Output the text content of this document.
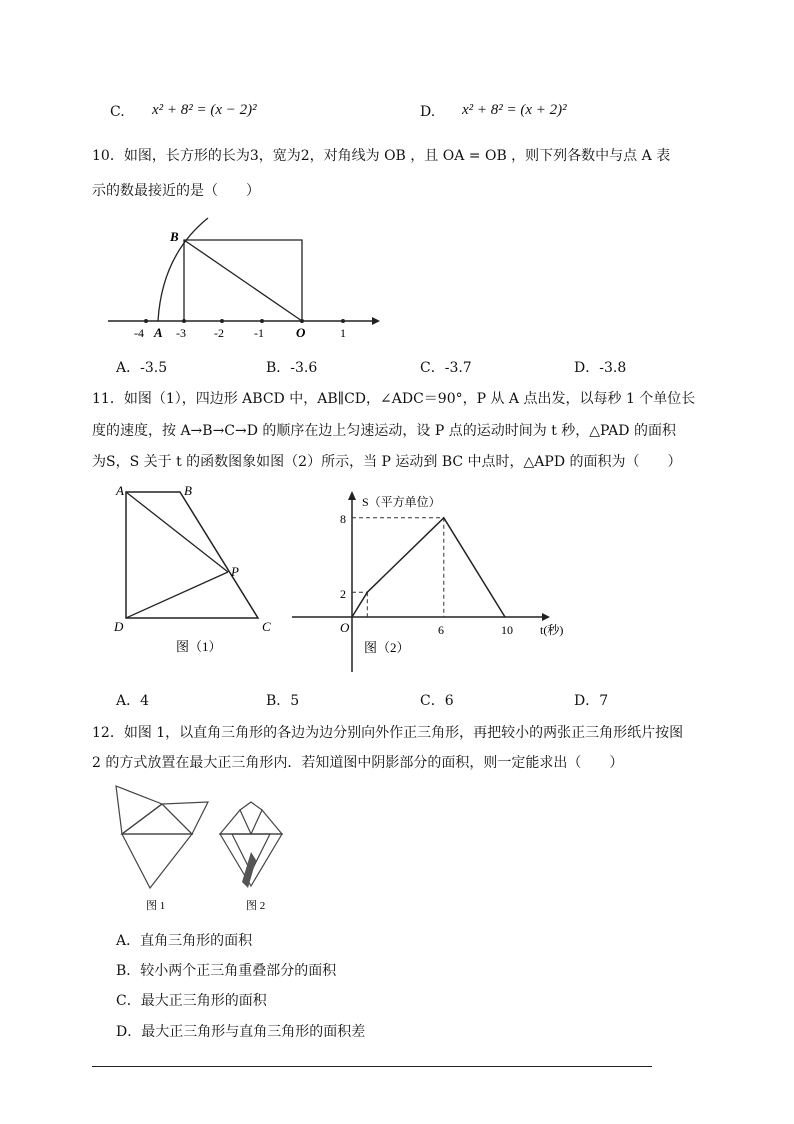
C. x² + 8² = (x − 2)²	D. x² + 8² = (x + 2)²
10．如图，长方形的长为3，宽为2，对角线为 OB ，且 OA = OB ，则下列各数中与点 A 表
示的数最接近的是（　　）
B
A	O
-4	-3 -2	-1	1
A．-3.5	B．-3.6	C．-3.7	D．-3.8
11．如图（1），四边形 ABCD 中，AB∥CD，∠ADC＝90°，P 从 A 点出发，以每秒 1 个单位长
度的速度，按 A→B→C→D 的顺序在边上匀速运动，设 P 点的运动时间为 t 秒，△PAD 的面积
为S，S 关于 t 的函数图象如图（2）所示，当 P 运动到 BC 中点时，△APD 的面积为（　　）
A	B
P
D	C
图（1）
S（平方单位）
t(秒)
O
8
2
6	10
图（2）
A．4	B．5	C．6	D．7
12．如图 1，以直角三角形的各边为边分别向外作正三角形，再把较小的两张正三角形纸片按图
2 的方式放置在最大正三角形内．若知道图中阴影部分的面积，则一定能求出（　　）
图 1	图 2
A．直角三角形的面积
B．较小两个正三角重叠部分的面积
C．最大正三角形的面积
D．最大正三角形与直角三角形的面积差
